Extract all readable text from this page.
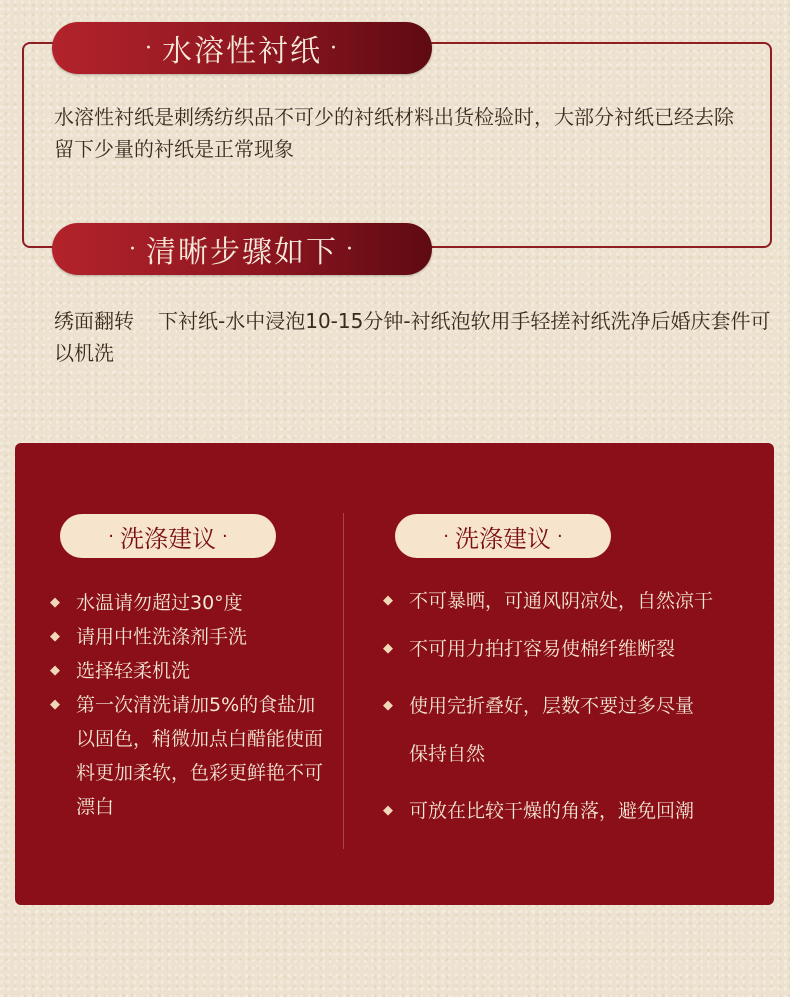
· 水溶性衬纸 ·
水溶性衬纸是刺绣纺织品不可少的衬纸材料出货检验时，大部分衬纸已经去除留下少量的衬纸是正常现象
· 清晰步骤如下 ·
绣面翻转 下衬纸-水中浸泡10-15分钟-衬纸泡软用手轻搓衬纸洗净后婚庆套件可以机洗
· 洗涤建议 ·	· 洗涤建议 ·
◆ 水温请勿超过30°度
◆ 请用中性洗涤剂手洗
◆ 选择轻柔机洗
◆ 第一次清洗请加5%的食盐加以固色，稍微加点白醋能使面料更加柔软，色彩更鲜艳不可漂白
◆ 不可暴晒，可通风阴凉处，自然凉干
◆ 不可用力拍打容易使棉纤维断裂
◆ 使用完折叠好，层数不要过多尽量保持自然
◆ 可放在比较干燥的角落，避免回潮
